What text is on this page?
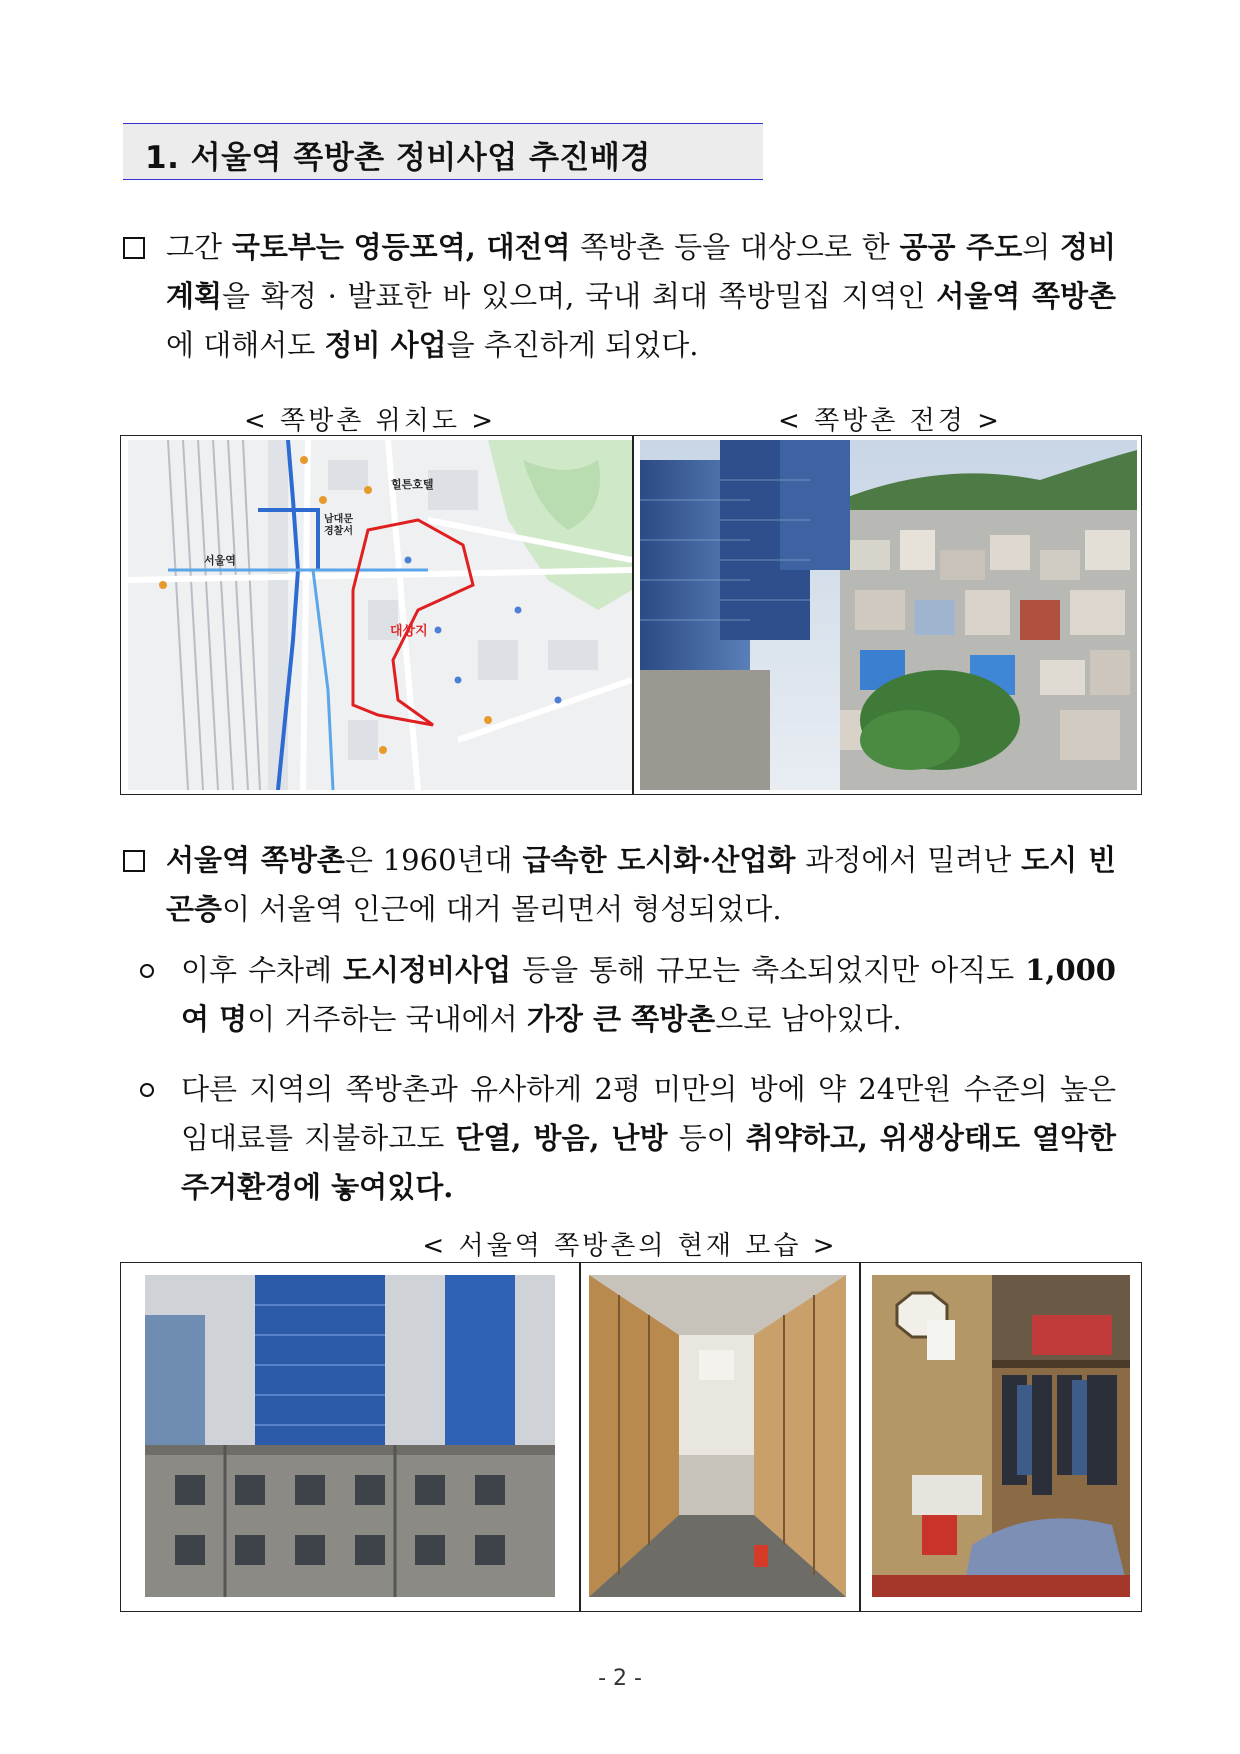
1. 서울역 쪽방촌 정비사업 추진배경
그간 국토부는 영등포역, 대전역 쪽방촌 등을 대상으로 한 공공 주도의 정비계획을 확정 · 발표한 바 있으며, 국내 최대 쪽방밀집 지역인 서울역 쪽방촌에 대해서도 정비 사업을 추진하게 되었다.
< 쪽방촌 위치도 >	< 쪽방촌 전경 >
힐튼호텔
남대문
경찰서
서울역
대상지
서울역 쪽방촌은 1960년대 급속한 도시화·산업화 과정에서 밀려난 도시 빈곤층이 서울역 인근에 대거 몰리면서 형성되었다.
이후 수차례 도시정비사업 등을 통해 규모는 축소되었지만 아직도 1,000여 명이 거주하는 국내에서 가장 큰 쪽방촌으로 남아있다.
다른 지역의 쪽방촌과 유사하게 2평 미만의 방에 약 24만원 수준의 높은 임대료를 지불하고도 단열, 방음, 난방 등이 취약하고, 위생상태도 열악한 주거환경에 놓여있다.
< 서울역 쪽방촌의 현재 모습 >
- 2 -
